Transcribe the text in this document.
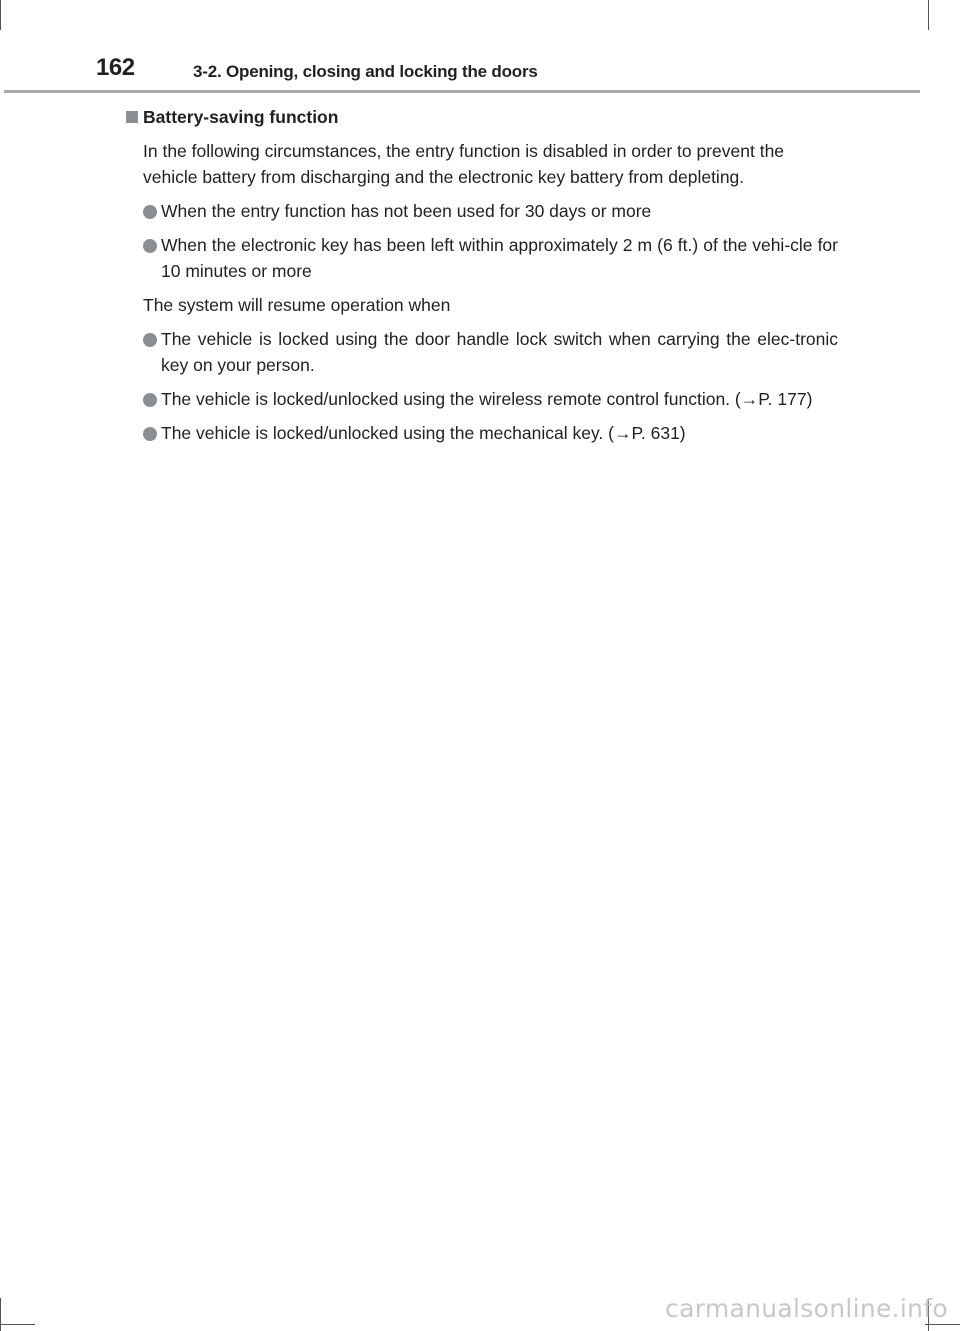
162	3-2. Opening, closing and locking the doors
Battery-saving function
In the following circumstances, the entry function is disabled in order to prevent the vehicle battery from discharging and the electronic key battery from depleting.
When the entry function has not been used for 30 days or more
When the electronic key has been left within approximately 2 m (6 ft.) of the vehi-cle for 10 minutes or more
The system will resume operation when
The vehicle is locked using the door handle lock switch when carrying the elec-tronic key on your person.
The vehicle is locked/unlocked using the wireless remote control function. (→P. 177)
The vehicle is locked/unlocked using the mechanical key. (→P. 631)
carmanualsonline.info
